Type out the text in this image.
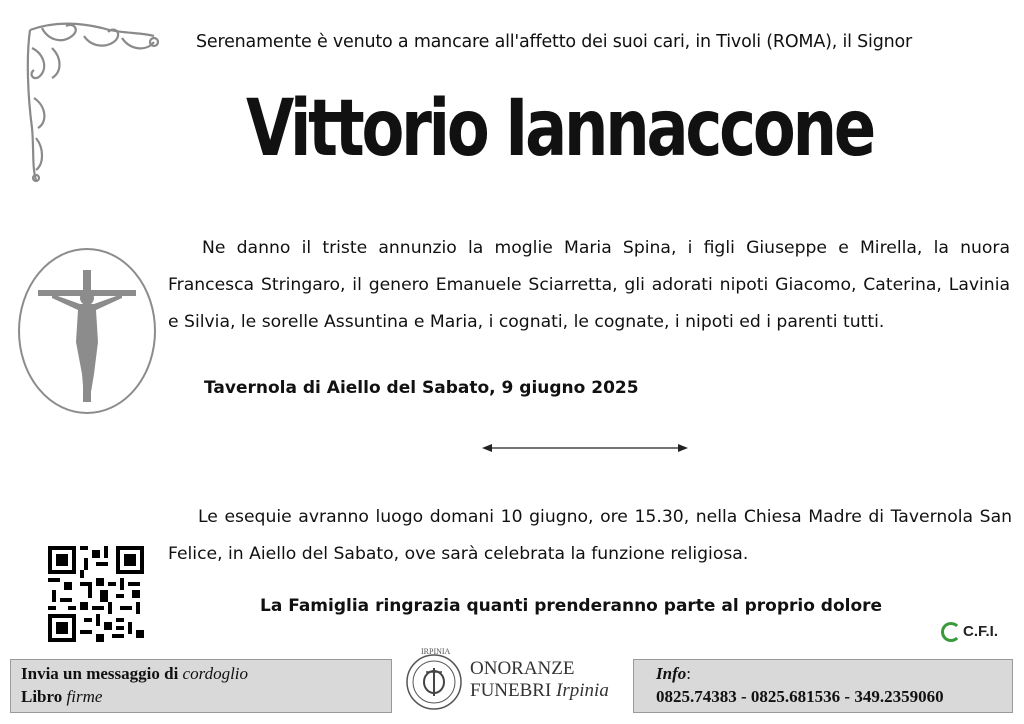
Serenamente è venuto a mancare all'affetto dei suoi cari, in Tivoli (ROMA), il Signor
Vittorio Iannaccone
Ne danno il triste annunzio la moglie Maria Spina, i figli Giuseppe e Mirella, la nuora Francesca Stringaro, il genero Emanuele Sciarretta, gli adorati nipoti Giacomo, Caterina, Lavinia e Silvia, le sorelle Assuntina e Maria, i cognati, le cognate, i nipoti ed i parenti tutti.
Tavernola di Aiello del Sabato, 9 giugno 2025
Le esequie avranno luogo domani 10 giugno, ore 15.30, nella Chiesa Madre di Tavernola San Felice, in Aiello del Sabato, ove sarà celebrata la funzione religiosa.
La Famiglia ringrazia quanti prenderanno parte al proprio dolore
C.F.I.
Invia un messaggio di cordoglio
Libro firme
IRPINIA
ONORANZE
FUNEBRI Irpinia
Info:
0825.74383 - 0825.681536 - 349.2359060
